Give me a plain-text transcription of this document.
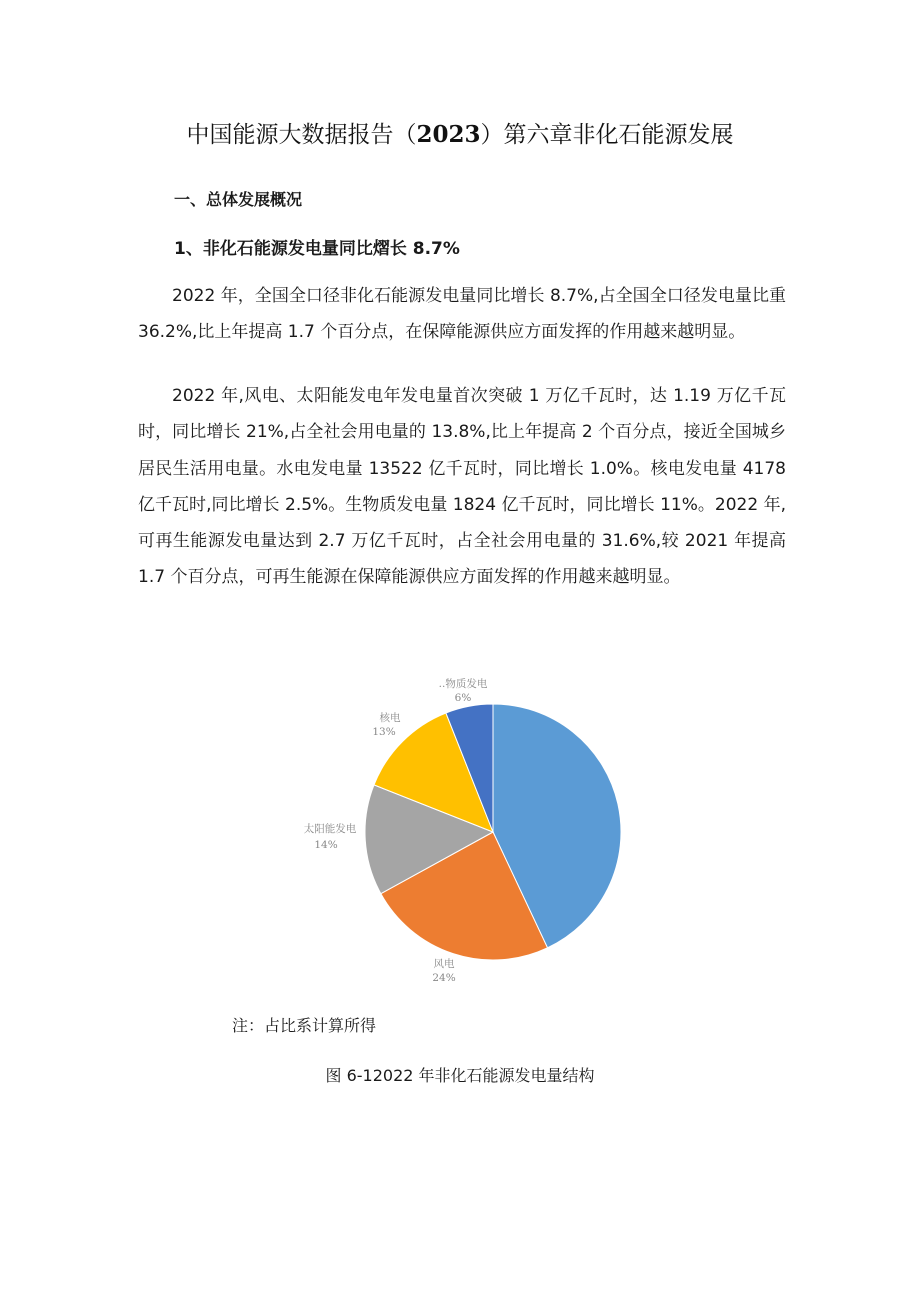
中国能源大数据报告（2023）第六章非化石能源发展
一、总体发展概况
1、非化石能源发电量同比熠长 8.7%

2022 年，全国全口径非化石能源发电量同比增长 8.7%,占全国全口径发电量比重 36.2%,比上年提高 1.7 个百分点，在保障能源供应方面发挥的作用越来越明显。

2022 年,风电、太阳能发电年发电量首次突破 1 万亿千瓦时，达 1.19 万亿千瓦时，同比增长 21%,占全社会用电量的 13.8%,比上年提高 2 个百分点，接近全国城乡居民生活用电量。水电发电量 13522 亿千瓦时，同比增长 1.0%。核电发电量 4178 亿千瓦时,同比增长 2.5%。生物质发电量 1824 亿千瓦时，同比增长 11%。2022 年,可再生能源发电量达到 2.7 万亿千瓦时，占全社会用电量的 31.6%,较 2021 年提高 1.7 个百分点，可再生能源在保障能源供应方面发挥的作用越来越明显。

风电
24%
太阳能发电
14%
核电
13%
..物质发电
6%
注：占比系计算所得
图 6-12022 年非化石能源发电量结构
